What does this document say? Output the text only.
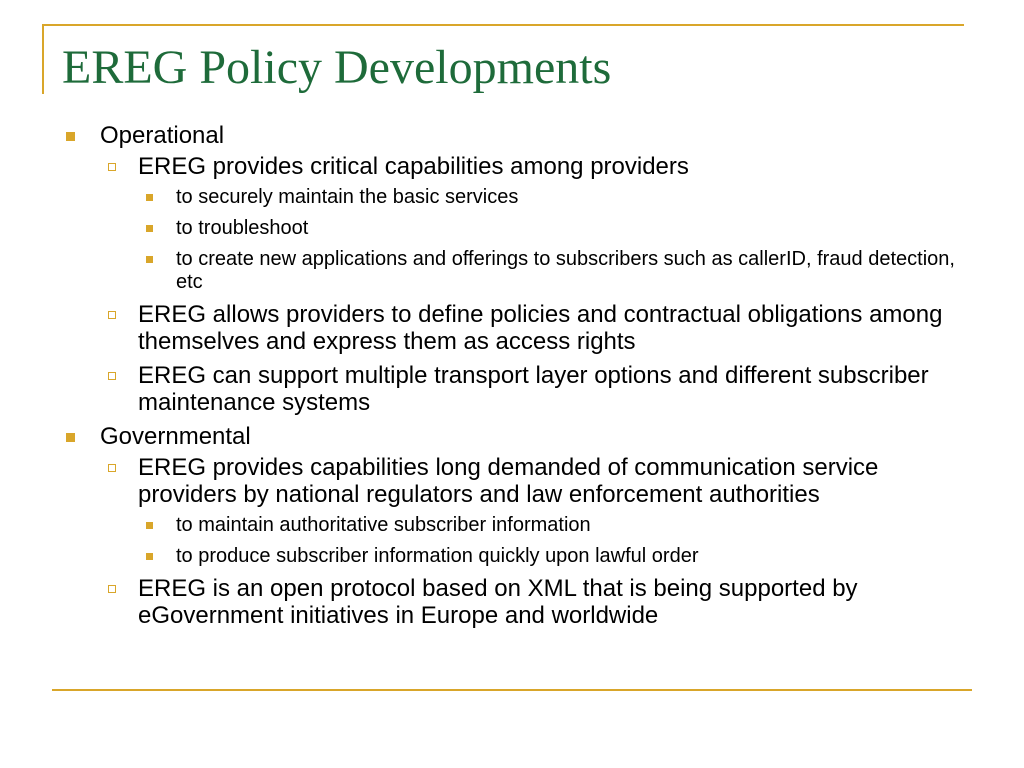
EREG Policy Developments
Operational
EREG provides critical capabilities among providers
to securely maintain the basic services
to troubleshoot
to create new applications and offerings to subscribers such as callerID, fraud detection, etc
EREG allows providers to define policies and contractual obligations among themselves and express them as access rights
EREG can support multiple transport layer options and different subscriber maintenance systems
Governmental
EREG provides capabilities long demanded of communication service providers by national regulators and law enforcement authorities
to maintain authoritative subscriber information
to produce subscriber information quickly upon lawful order
EREG is an open protocol based on XML that is being supported by eGovernment initiatives in Europe and worldwide
